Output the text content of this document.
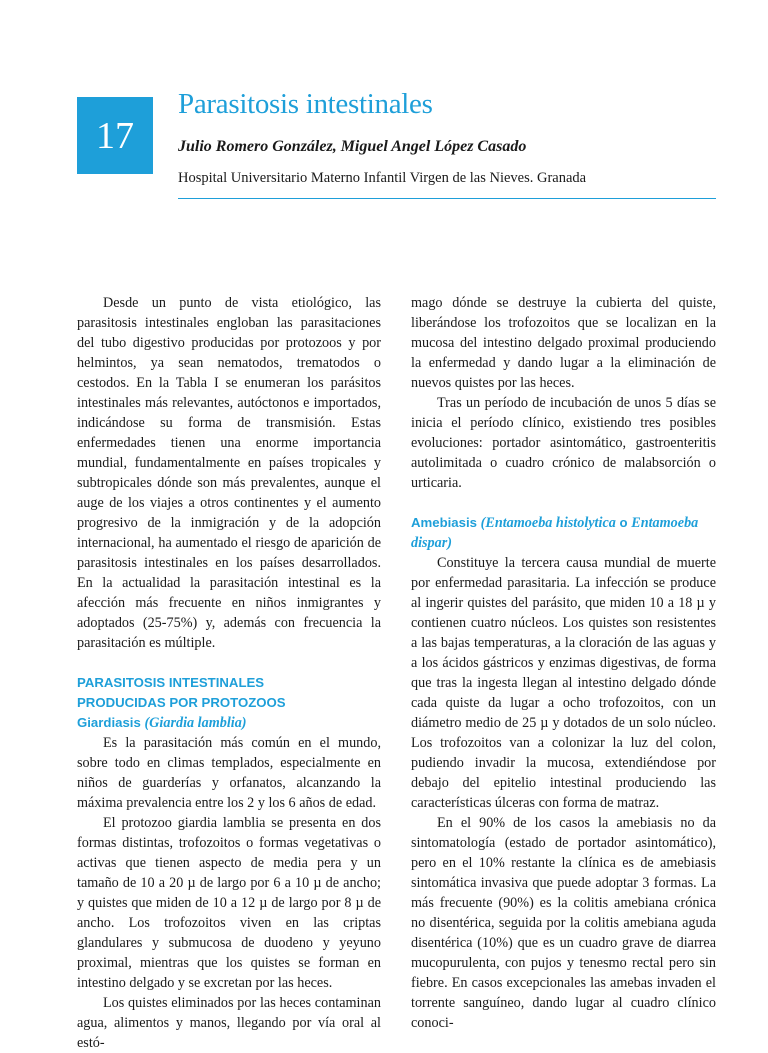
17
Parasitosis intestinales
Julio Romero González, Miguel Angel López Casado
Hospital Universitario Materno Infantil Virgen de las Nieves. Granada

Desde un punto de vista etiológico, las parasitosis intestinales engloban las parasitaciones del tubo digestivo producidas por protozoos y por helmintos, ya sean nematodos, trematodos o cestodos. En la Tabla I se enumeran los parásitos intestinales más relevantes, autóctonos e importados, indicándose su forma de transmisión. Estas enfermedades tienen una enorme importancia mundial, fundamentalmente en países tropicales y subtropicales dónde son más prevalentes, aunque el auge de los viajes a otros continentes y el aumento progresivo de la inmigración y de la adopción internacional, ha aumentado el riesgo de aparición de parasitosis intestinales en los países desarrollados. En la actualidad la parasitación intestinal es la afección más frecuente en niños inmigrantes y adoptados (25-75%) y, además con frecuencia la parasitación es múltiple.

PARASITOSIS INTESTINALES
PRODUCIDAS POR PROTOZOOS
Giardiasis (Giardia lamblia)

Es la parasitación más común en el mundo, sobre todo en climas templados, especialmente en niños de guarderías y orfanatos, alcanzando la máxima prevalencia entre los 2 y los 6 años de edad.

El protozoo giardia lamblia se presenta en dos formas distintas, trofozoitos o formas vegetativas o activas que tienen aspecto de media pera y un tamaño de 10 a 20 µ de largo por 6 a 10 µ de ancho; y quistes que miden de 10 a 12 µ de largo por 8 µ de ancho. Los trofozoitos viven en las criptas glandulares y submucosa de duodeno y yeyuno proximal, mientras que los quistes se forman en intestino delgado y se excretan por las heces.

Los quistes eliminados por las heces contaminan agua, alimentos y manos, llegando por vía oral al estó-

mago dónde se destruye la cubierta del quiste, liberándose los trofozoitos que se localizan en la mucosa del intestino delgado proximal produciendo la enfermedad y dando lugar a la eliminación de nuevos quistes por las heces.

Tras un período de incubación de unos 5 días se inicia el período clínico, existiendo tres posibles evoluciones: portador asintomático, gastroenteritis autolimitada o cuadro crónico de malabsorción o urticaria.

Amebiasis (Entamoeba histolytica o Entamoeba dispar)

Constituye la tercera causa mundial de muerte por enfermedad parasitaria. La infección se produce al ingerir quistes del parásito, que miden 10 a 18 µ y contienen cuatro núcleos. Los quistes son resistentes a las bajas temperaturas, a la cloración de las aguas y a los ácidos gástricos y enzimas digestivas, de forma que tras la ingesta llegan al intestino delgado dónde cada quiste da lugar a ocho trofozoitos, con un diámetro medio de 25 µ y dotados de un solo núcleo. Los trofozoitos van a colonizar la luz del colon, pudiendo invadir la mucosa, extendiéndose por debajo del epitelio intestinal produciendo las características úlceras con forma de matraz.

En el 90% de los casos la amebiasis no da sintomatología (estado de portador asintomático), pero en el 10% restante la clínica es de amebiasis sintomática invasiva que puede adoptar 3 formas. La más frecuente (90%) es la colitis amebiana crónica no disentérica, seguida por la colitis amebiana aguda disentérica (10%) que es un cuadro grave de diarrea mucopurulenta, con pujos y tenesmo rectal pero sin fiebre. En casos excepcionales las amebas invaden el torrente sanguíneo, dando lugar al cuadro clínico conoci-
